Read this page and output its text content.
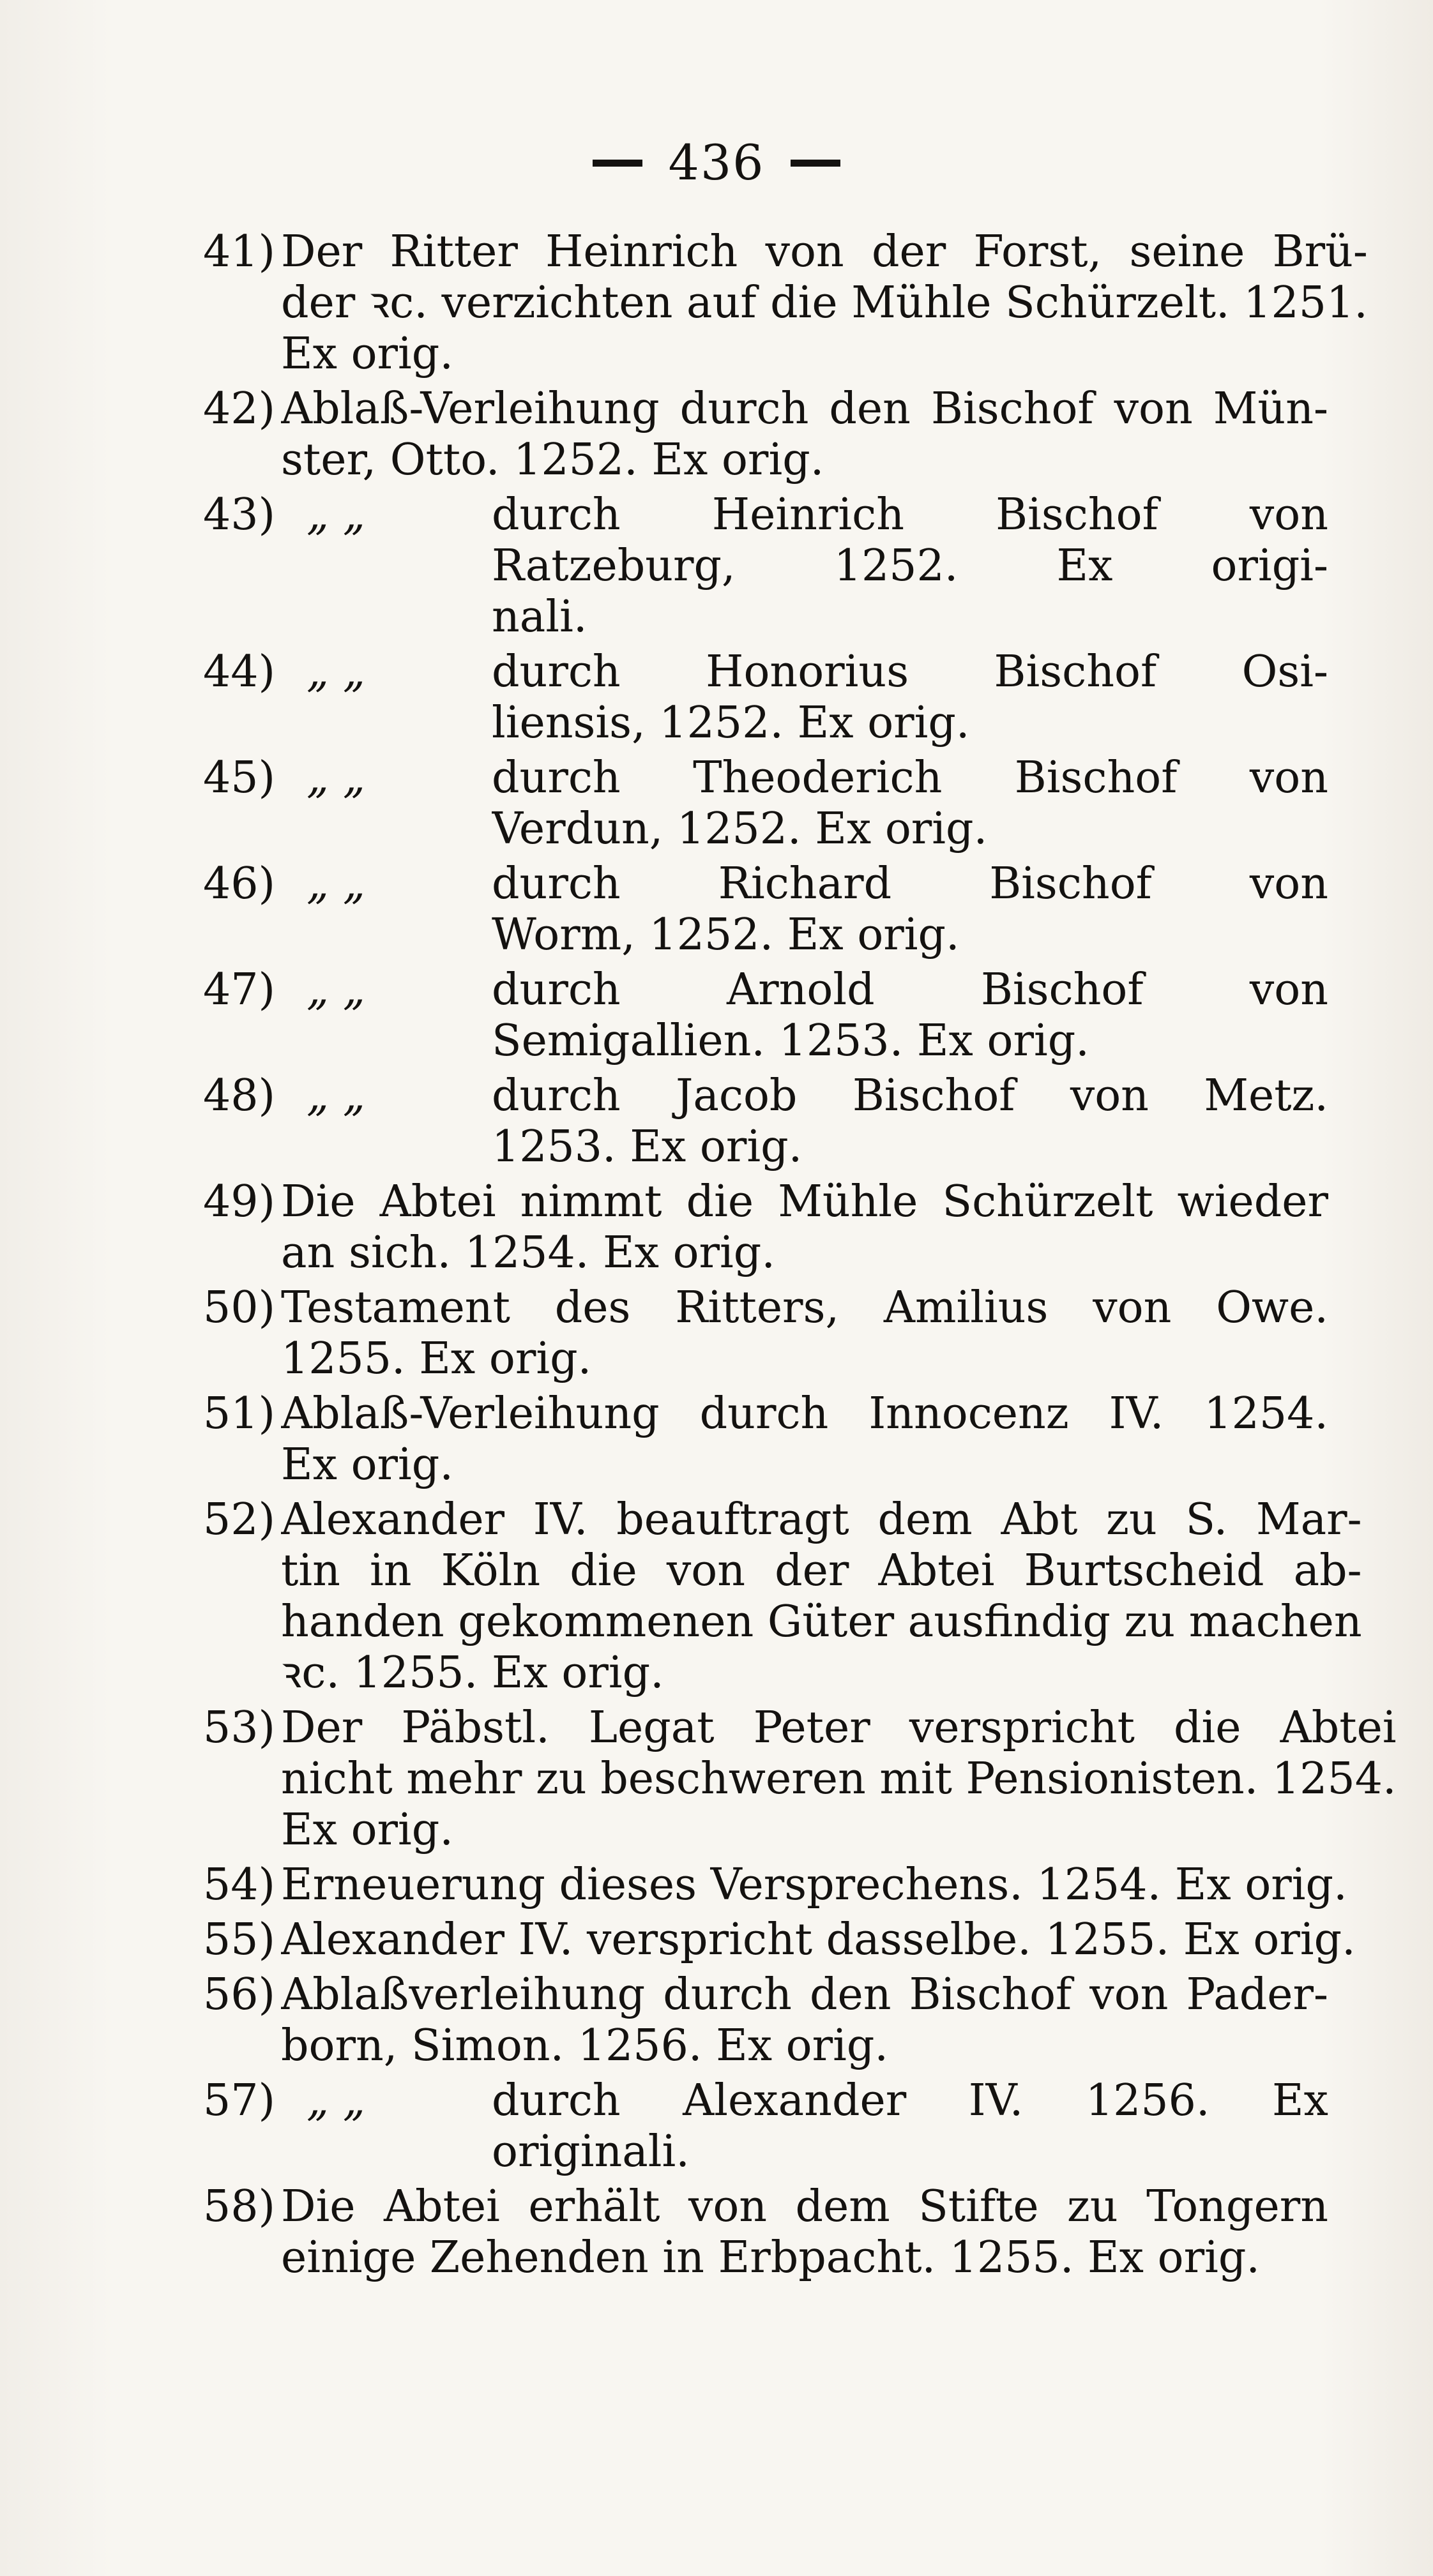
436
41) Der Ritter Heinrich von der Forst, seine Brü-
der ꝛc. verzichten auf die Mühle Schürzelt. 1251.
Ex orig.
42) Ablaß-Verleihung durch den Bischof von Mün-
ster, Otto. 1252. Ex orig.
43) „ „	durch Heinrich Bischof von
Ratzeburg, 1252. Ex origi-
nali.
44) „ „	durch Honorius Bischof Osi-
liensis, 1252. Ex orig.
45) „ „	durch Theoderich Bischof von
Verdun, 1252. Ex orig.
46) „ „	durch Richard Bischof von
Worm, 1252. Ex orig.
47) „ „	durch Arnold Bischof von
Semigallien. 1253. Ex orig.
48) „ „	durch Jacob Bischof von Metz.
1253. Ex orig.
49) Die Abtei nimmt die Mühle Schürzelt wieder
an sich. 1254. Ex orig.
50) Testament des Ritters, Amilius von Owe.
1255. Ex orig.
51) Ablaß-Verleihung durch Innocenz IV. 1254.
Ex orig.
52) Alexander IV. beauftragt dem Abt zu S. Mar-
tin in Köln die von der Abtei Burtscheid ab-
handen gekommenen Güter ausfindig zu machen
ꝛc. 1255. Ex orig.
53) Der Päbstl. Legat Peter verspricht die Abtei
nicht mehr zu beschweren mit Pensionisten. 1254.
Ex orig.
54) Erneuerung dieses Versprechens. 1254. Ex orig.
55) Alexander IV. verspricht dasselbe. 1255. Ex orig.
56) Ablaßverleihung durch den Bischof von Pader-
born, Simon. 1256. Ex orig.
57) „ „	durch Alexander IV. 1256. Ex
originali.
58) Die Abtei erhält von dem Stifte zu Tongern
einige Zehenden in Erbpacht. 1255. Ex orig.
